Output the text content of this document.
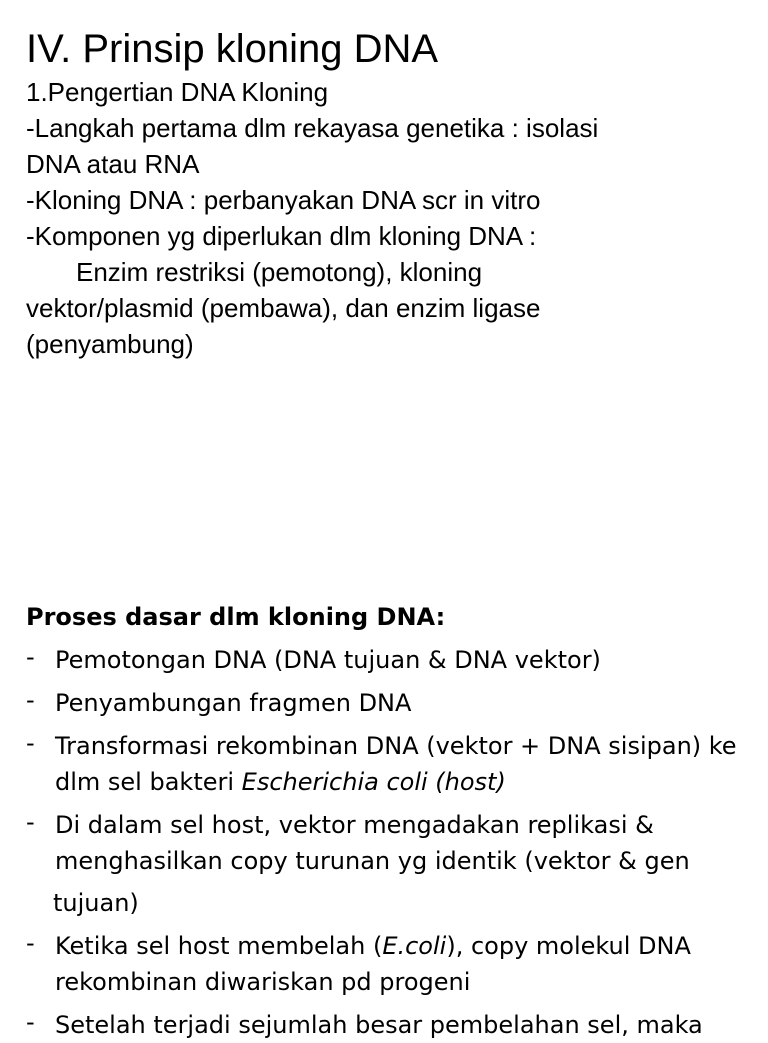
IV. Prinsip kloning DNA

1.Pengertian DNA Kloning

-Langkah pertama dlm rekayasa genetika : isolasi

DNA atau RNA

-Kloning DNA : perbanyakan DNA scr in vitro

-Komponen yg diperlukan dlm kloning DNA :

Enzim restriksi (pemotong), kloning

vektor/plasmid (pembawa), dan enzim ligase

(penyambung)

Proses dasar dlm kloning DNA:

- Pemotongan DNA (DNA tujuan & DNA vektor)
- Penyambungan fragmen DNA
- Transformasi rekombinan DNA (vektor + DNA sisipan) ke
dlm sel bakteri Escherichia coli (host)
- Di dalam sel host, vektor mengadakan replikasi &
menghasilkan copy turunan yg identik (vektor & gen
tujuan)
- Ketika sel host membelah (E.coli), copy molekul DNA
rekombinan diwariskan pd progeni
- Setelah terjadi sejumlah besar pembelahan sel, maka
